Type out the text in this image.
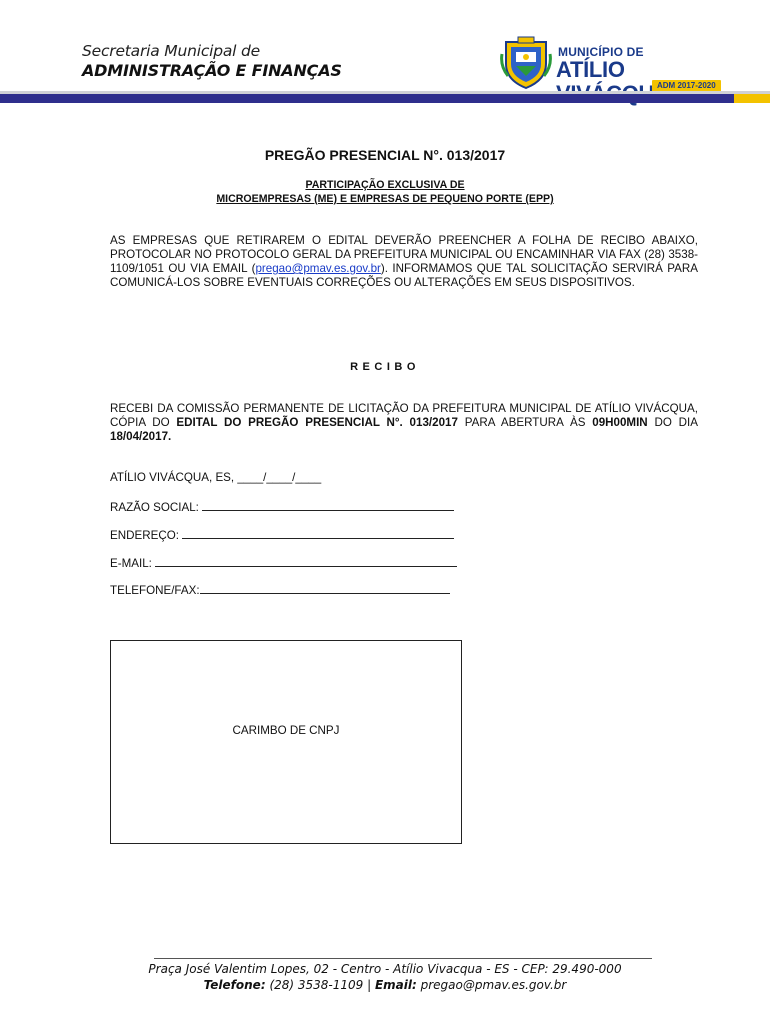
Secretaria Municipal de
ADMINISTRAÇÃO E FINANÇAS
MUNICÍPIO DE
ATÍLIO
ADM 2017-2020
PREGÃO PRESENCIAL N°. 013/2017
PARTICIPAÇÃO EXCLUSIVA DE
MICROEMPRESAS (ME) E EMPRESAS DE PEQUENO PORTE (EPP)

AS EMPRESAS QUE RETIRAREM O EDITAL DEVERÃO PREENCHER A FOLHA DE RECIBO ABAIXO, PROTOCOLAR NO PROTOCOLO GERAL DA PREFEITURA MUNICIPAL OU ENCAMINHAR VIA FAX (28) 3538-1109/1051 OU VIA EMAIL (pregao@pmav.es.gov.br). INFORMAMOS QUE TAL SOLICITAÇÃO SERVIRÁ PARA COMUNICÁ-LOS SOBRE EVENTUAIS CORREÇÕES OU ALTERAÇÕES EM SEUS DISPOSITIVOS.

RECIBO

RECEBI DA COMISSÃO PERMANENTE DE LICITAÇÃO DA PREFEITURA MUNICIPAL DE ATÍLIO VIVÁCQUA, CÓPIA DO EDITAL DO PREGÃO PRESENCIAL N°. 013/2017 PARA ABERTURA ÀS 09H00MIN DO DIA 18/04/2017.

ATÍLIO VIVÁCQUA, ES, ____/____/____
RAZÃO SOCIAL:
ENDEREÇO:
E-MAIL:
TELEFONE/FAX:
CARIMBO DE CNPJ
Praça José Valentim Lopes, 02 - Centro - Atílio Vivacqua - ES - CEP: 29.490-000
Telefone: (28) 3538-1109 | Email: pregao@pmav.es.gov.br
